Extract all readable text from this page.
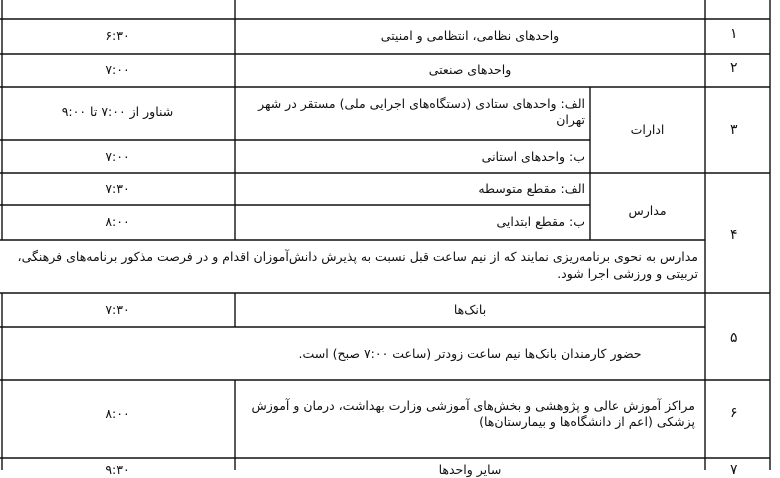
۱
واحدهای نظامی، انتظامی و امنیتی
۶:۳۰
۲
واحدهای صنعتی
۷:۰۰
۳
ادارات
الف: واحدهای ستادی (دستگاه‌های اجرایی ملی) مستقر در شهر تهران
شناور از ۷:۰۰ تا ۹:۰۰
ب: واحدهای استانی
۷:۰۰
۴
مدارس
الف: مقطع متوسطه
۷:۳۰
ب: مقطع ابتدایی
۸:۰۰
مدارس به نحوی برنامه‌ریزی نمایند که از نیم ساعت قبل نسبت به پذیرش دانش‌آموزان اقدام و در فرصت مذکور برنامه‌های فرهنگی، تربیتی و ورزشی اجرا شود.
۵
بانک‌ها
۷:۳۰
حضور کارمندان بانک‌ها نیم ساعت زودتر (ساعت ۷:۰۰ صبح) است.
۶
مراکز آموزش عالی و پژوهشی و بخش‌های آموزشی وزارت بهداشت، درمان و آموزش پزشکی (اعم از دانشگاه‌ها و بیمارستان‌ها)
۸:۰۰
۷
سایر واحدها
۹:۳۰
